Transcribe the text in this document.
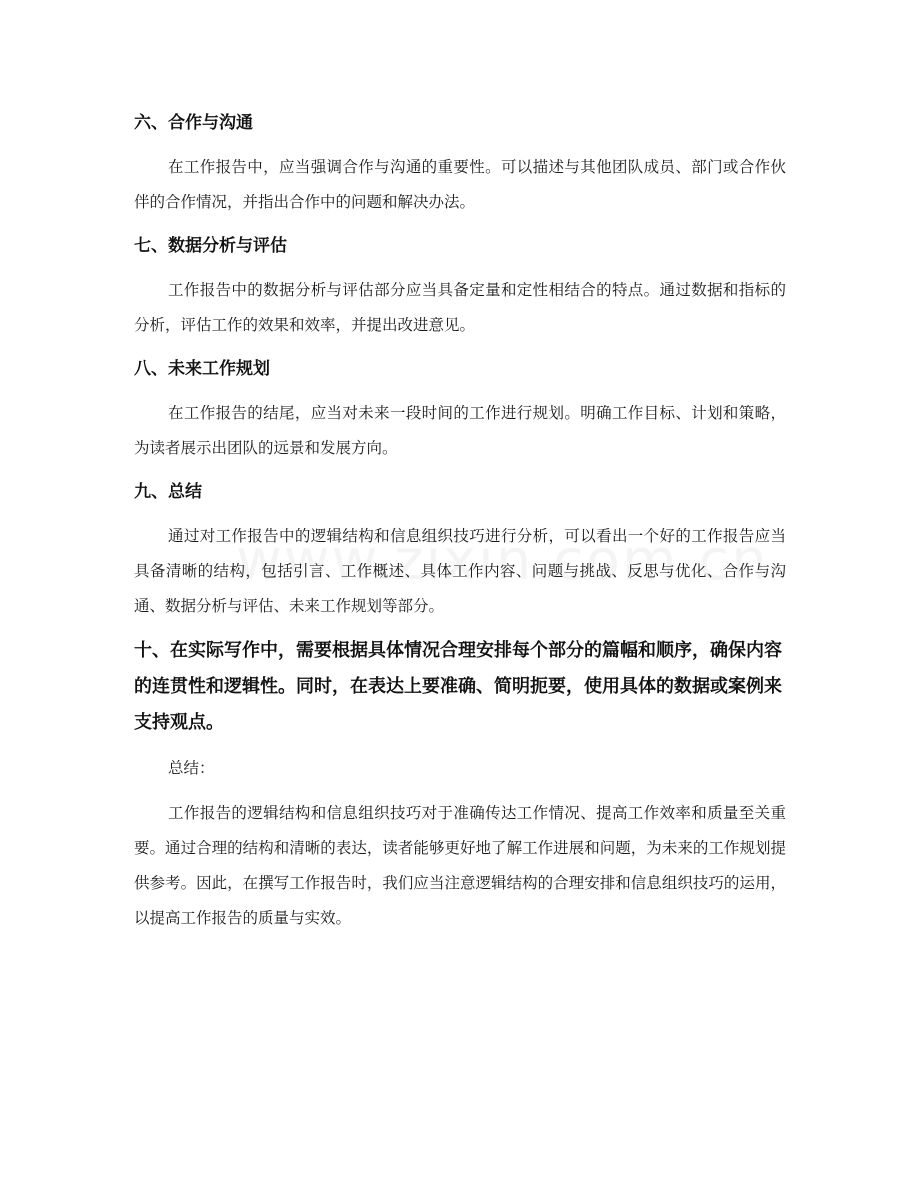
六、合作与沟通

在工作报告中，应当强调合作与沟通的重要性。可以描述与其他团队成员、部门或合作伙伴的合作情况，并指出合作中的问题和解决办法。

七、数据分析与评估

工作报告中的数据分析与评估部分应当具备定量和定性相结合的特点。通过数据和指标的分析，评估工作的效果和效率，并提出改进意见。

八、未来工作规划

在工作报告的结尾，应当对未来一段时间的工作进行规划。明确工作目标、计划和策略，为读者展示出团队的远景和发展方向。

九、总结

通过对工作报告中的逻辑结构和信息组织技巧进行分析，可以看出一个好的工作报告应当具备清晰的结构，包括引言、工作概述、具体工作内容、问题与挑战、反思与优化、合作与沟通、数据分析与评估、未来工作规划等部分。

十、在实际写作中，需要根据具体情况合理安排每个部分的篇幅和顺序，确保内容的连贯性和逻辑性。同时，在表达上要准确、简明扼要，使用具体的数据或案例来支持观点。

总结：

工作报告的逻辑结构和信息组织技巧对于准确传达工作情况、提高工作效率和质量至关重要。通过合理的结构和清晰的表达，读者能够更好地了解工作进展和问题，为未来的工作规划提供参考。因此，在撰写工作报告时，我们应当注意逻辑结构的合理安排和信息组织技巧的运用，以提高工作报告的质量与实效。
